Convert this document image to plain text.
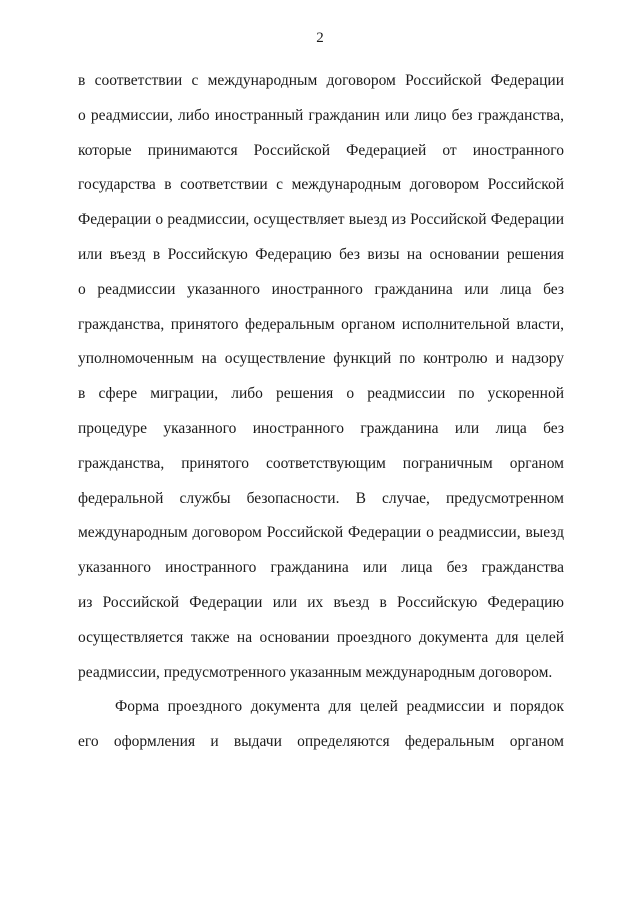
2
в соответствии с международным договором Российской Федерации
о реадмиссии, либо иностранный гражданин или лицо без гражданства,
которые принимаются Российской Федерацией от иностранного
государства в соответствии с международным договором Российской
Федерации о реадмиссии, осуществляет выезд из Российской Федерации
или въезд в Российскую Федерацию без визы на основании решения
о реадмиссии указанного иностранного гражданина или лица без
гражданства, принятого федеральным органом исполнительной власти,
уполномоченным на осуществление функций по контролю и надзору
в сфере миграции, либо решения о реадмиссии по ускоренной
процедуре указанного иностранного гражданина или лица без
гражданства, принятого соответствующим пограничным органом
федеральной службы безопасности. В случае, предусмотренном
международным договором Российской Федерации о реадмиссии, выезд
указанного иностранного гражданина или лица без гражданства
из Российской Федерации или их въезд в Российскую Федерацию
осуществляется также на основании проездного документа для целей
реадмиссии, предусмотренного указанным международным договором.
Форма проездного документа для целей реадмиссии и порядок
его оформления и выдачи определяются федеральным органом
